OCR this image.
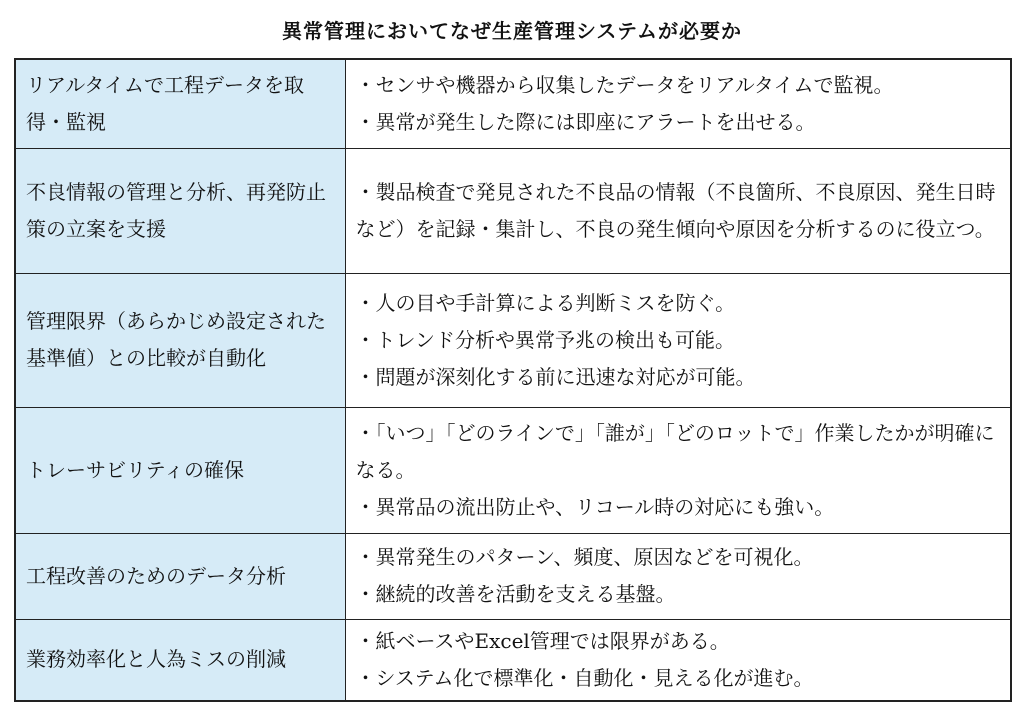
異常管理においてなぜ生産管理システムが必要か
リアルタイムで工程データを取得・監視	・センサや機器から収集したデータをリアルタイムで監視。
・異常が発生した際には即座にアラートを出せる。

不良情報の管理と分析、再発防止策の立案を支援	・製品検査で発見された不良品の情報（不良箇所、不良原因、発生日時など）を記録・集計し、不良の発生傾向や原因を分析するのに役立つ。

管理限界（あらかじめ設定された基準値）との比較が自動化	・人の目や手計算による判断ミスを防ぐ。
・トレンド分析や異常予兆の検出も可能。
・問題が深刻化する前に迅速な対応が可能。

トレーサビリティの確保	・「いつ」「どのラインで」「誰が」「どのロットで」作業したかが明確になる。
・異常品の流出防止や、リコール時の対応にも強い。

工程改善のためのデータ分析	・異常発生のパターン、頻度、原因などを可視化。
・継続的改善を活動を支える基盤。

業務効率化と人為ミスの削減	・紙ベースやExcel管理では限界がある。
・システム化で標準化・自動化・見える化が進む。
